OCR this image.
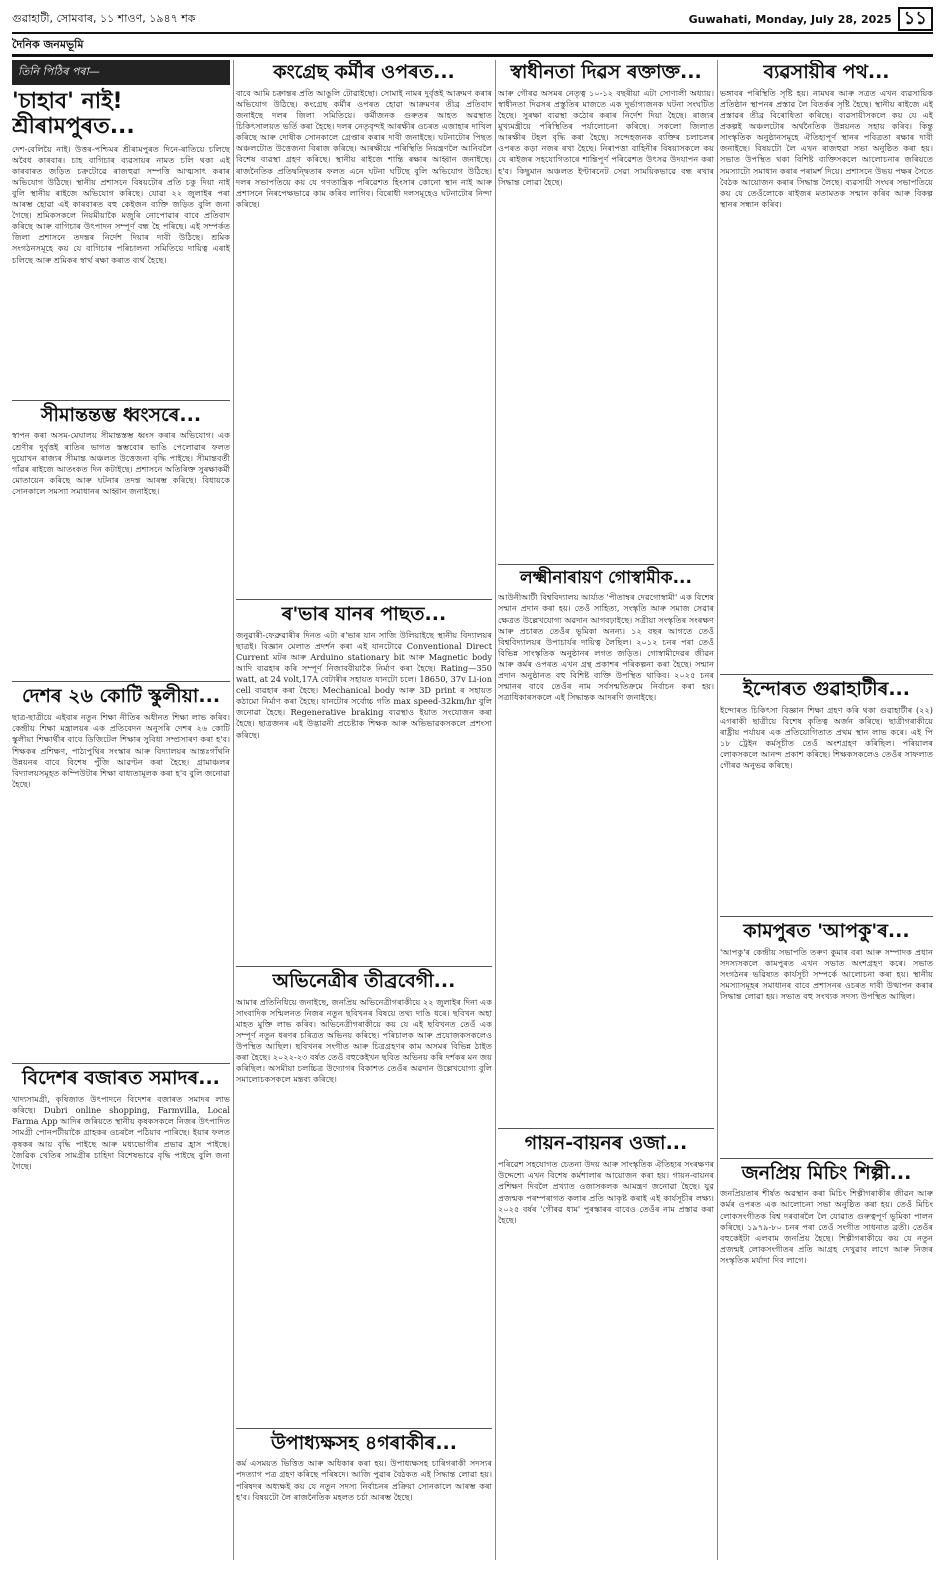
গুৱাহাটী, সোমবাৰ, ১১ শাওণ, ১৯৪৭ শক	Guwahati, Monday, July 28, 2025 ১১
দৈনিক জনমভূমি
তিনি পিঠিৰ পৰা—
'চাহাব' নাই! শ্ৰীৰামপুৰত...
দেশ-বেলিয়ৈ নাই। উত্তৰ-পশ্চিমৰ শ্ৰীৰামপুৰত দিনে-ৰাতিয়ে চলিছে অবৈধ কাৰবাৰ। চাহ বাগিচাৰ ব্যৱসায়ৰ নামত চলি থকা এই কাৰবাৰত জড়িত চক্ৰটোৱে ৰাজহুৱা সম্পত্তি আত্মসাৎ কৰাৰ অভিযোগ উঠিছে। স্থানীয় প্ৰশাসনে বিষয়টোৰ প্ৰতি চকু দিয়া নাই বুলি স্থানীয় ৰাইজে অভিযোগ কৰিছে। যোৱা ২২ জুলাইৰ পৰা আৰম্ভ হোৱা এই কাৰবাৰত বহু কেইজন ব্যক্তি জড়িত বুলি জনা গৈছে। শ্ৰমিকসকলে নিয়মীয়াকৈ মজুৰি নোপোৱাৰ বাবে প্ৰতিবাদ কৰিছে আৰু বাগিচাৰ উৎপাদন সম্পূৰ্ণ বন্ধ হৈ পৰিছে। এই সম্পৰ্কত জিলা প্ৰশাসনে তদন্তৰ নিৰ্দেশ দিয়াৰ দাবী উঠিছে। শ্ৰমিক সংগঠনসমূহে কয় যে বাগিচাৰ পৰিচালনা সমিতিয়ে দায়িত্ব এৰাই চলিছে আৰু শ্ৰমিকৰ স্বাৰ্থ ৰক্ষা কৰাত ব্যৰ্থ হৈছে।
সীমান্তন্তম্ভ ধ্বংসৰে...
স্বাপন কৰা অসম-মেঘালয় সীমান্তস্তম্ভ ধ্বংস কৰাৰ অভিযোগ। এক শ্ৰেণীৰ দুৰ্বৃত্তই ৰাতিৰ ভাগত স্তম্ভবোৰ ভাঙি পেলোৱাৰ ফলত দুয়োখন ৰাজ্যৰ সীমান্ত অঞ্চলত উত্তেজনা বৃদ্ধি পাইছে। সীমান্তবৰ্তী গাঁৱৰ ৰাইজে আতংকত দিন কটাইছে। প্ৰশাসনে অতিৰিক্ত সুৰক্ষাকৰ্মী মোতায়েন কৰিছে আৰু ঘটনাৰ তদন্ত আৰম্ভ কৰিছে। বিধায়কে সোনকালে সমস্যা সমাধানৰ আহ্বান জনাইছে।
দেশৰ ২৬ কোটি স্কুলীয়া...
ছাত্ৰ-ছাত্ৰীয়ে এইবাৰ নতুন শিক্ষা নীতিৰ অধীনত শিক্ষা লাভ কৰিব। কেন্দ্ৰীয় শিক্ষা মন্ত্ৰালয়ৰ এক প্ৰতিবেদন অনুসৰি দেশৰ ২৬ কোটি স্কুলীয়া শিক্ষাৰ্থীৰ বাবে ডিজিটেল শিক্ষাৰ সুবিধা সম্প্ৰসাৰণ কৰা হ'ব। শিক্ষকৰ প্ৰশিক্ষণ, পাঠ্যপুথিৰ সংস্কাৰ আৰু বিদ্যালয়ৰ আন্তঃগাঁথনি উন্নয়নৰ বাবে বিশেষ পুঁজি আৱণ্টন কৰা হৈছে। গ্ৰামাঞ্চলৰ বিদ্যালয়সমূহত কম্পিউটাৰ শিক্ষা বাধ্যতামূলক কৰা হ'ব বুলি জনোৱা হৈছে।
বিদেশৰ বজাৰত সমাদৰ...
খাদ্যসামগ্ৰী, কৃষিজাত উৎপাদনে বিদেশৰ বজাৰত সমাদৰ লাভ কৰিছে। Dubri online shopping, Farmvilla, Local Farma App আদিৰ জৰিয়তে স্থানীয় কৃষকসকলে নিজৰ উৎপাদিত সামগ্ৰী পোনপটীয়াকৈ গ্ৰাহকৰ ওচৰলৈ পঠিয়াব পাৰিছে। ইয়াৰ ফলত কৃষকৰ আয় বৃদ্ধি পাইছে আৰু মধ্যভোগীৰ প্ৰভাৱ হ্ৰাস পাইছে। জৈৱিক খেতিৰ সামগ্ৰীৰ চাহিদা বিশেষভাৱে বৃদ্ধি পাইছে বুলি জনা গৈছে।
কংগ্ৰেছ কৰ্মীৰ ওপৰত...
বাবে আমি চক্ৰান্তৰ প্ৰতি আঙুলি টোৱাইছো। সোমাই নামৰ দুৰ্বৃত্তই আক্ৰমণ কৰাৰ অভিযোগ উঠিছে। কংগ্ৰেছ কৰ্মীৰ ওপৰত হোৱা আক্ৰমণৰ তীব্ৰ প্ৰতিবাদ জনাইছে দলৰ জিলা সমিতিয়ে। কৰ্মীজনক গুৰুতৰ আহত অৱস্থাত চিকিৎসালয়ত ভৰ্তি কৰা হৈছে। দলৰ নেতৃবৃন্দই আৰক্ষীৰ ওচৰত এজাহাৰ দাখিল কৰিছে আৰু দোষীক সোনকালে গ্ৰেপ্তাৰ কৰাৰ দাবী জনাইছে। ঘটনাটোৰ পিছত অঞ্চলটোত উত্তেজনা বিৰাজ কৰিছে। আৰক্ষীয়ে পৰিস্থিতি নিয়ন্ত্ৰণলৈ আনিবলৈ বিশেষ ব্যৱস্থা গ্ৰহণ কৰিছে। স্থানীয় ৰাইজে শান্তি ৰক্ষাৰ আহ্বান জনাইছে। ৰাজনৈতিক প্ৰতিদ্বন্দ্বিতাৰ ফলত এনে ঘটনা ঘটিছে বুলি অভিযোগ উঠিছে। দলৰ সভাপতিয়ে কয় যে গণতান্ত্ৰিক পৰিৱেশত হিংসাৰ কোনো স্থান নাই আৰু প্ৰশাসনে নিৰপেক্ষভাৱে কাম কৰিব লাগিব। বিৰোধী দলসমূহেও ঘটনাটোৰ নিন্দা কৰিছে।
ৰ'ভাৰ যানৰ পাছত...
জনুৱাৰী-ফেব্ৰুৱাৰীৰ দিনত এটা ৰ'ভাৰ যান সাজি উলিয়াইছে স্থানীয় বিদ্যালয়ৰ ছাত্ৰই। বিজ্ঞান মেলাত প্ৰদৰ্শন কৰা এই যানটোৱে Conventional Direct Current মটৰ আৰু Arduino stationary bit আৰু Magnetic body আদি ব্যৱহাৰ কৰি সম্পূৰ্ণ নিজাববীয়াকৈ নিৰ্মাণ কৰা হৈছে। Rating—350 watt, at 24 volt,17A বেটাৰীৰ সহায়ত যানটো চলে। 18650, 37v Li-ion cell ব্যৱহাৰ কৰা হৈছে। Mechanical body আৰু 3D print ৰ সহায়ত কঠামো নিৰ্মাণ কৰা হৈছে। যানটোৰ সৰ্বোচ্চ গতি max speed-32km/hr বুলি জনোৱা হৈছে। Regenerative braking ব্যৱস্থাও ইয়াত সংযোজন কৰা হৈছে। ছাত্ৰজনৰ এই উদ্ভাৱনী প্ৰচেষ্টাক শিক্ষক আৰু অভিভাৱকসকলে প্ৰশংসা কৰিছে।
অভিনেত্ৰীৰ তীব্ৰবেগী...
আমাৰ প্ৰতিনিধিয়ে জনাইছে, জনপ্ৰিয় অভিনেত্ৰীগৰাকীয়ে ২২ জুলাইৰ দিনা এক সাংবাদিক সন্মিলনত নিজৰ নতুন ছবিখনৰ বিষয়ে তথ্য দাঙি ধৰে। ছবিখন অহা মাহত মুক্তি লাভ কৰিব। অভিনেত্ৰীগৰাকীয়ে কয় যে এই ছবিখনত তেওঁ এক সম্পূৰ্ণ নতুন ধৰণৰ চৰিত্ৰত অভিনয় কৰিছে। পৰিচালক আৰু প্ৰযোজকসকলেও উপস্থিত আছিল। ছবিখনৰ সংগীত আৰু চিত্ৰগ্ৰহণৰ কাম অসমৰ বিভিন্ন ঠাইত কৰা হৈছে। ২০২২-২৩ বৰ্ষত তেওঁ বহুকেইখন ছবিত অভিনয় কৰি দৰ্শকৰ মন জয় কৰিছিল। অসমীয়া চলচ্চিত্ৰ উদ্যোগৰ বিকাশত তেওঁৰ অৱদান উল্লেখযোগ্য বুলি সমালোচকসকলে মন্তব্য কৰিছে।
উপাধ্যক্ষসহ ৪গৰাকীৰ...
কৰ্ম এসময়ত ভিত্তিত আৰু অধিকাৰ কৰা হয়। উপাধ্যক্ষসহ চাৰিগৰাকী সদস্যৰ পদত্যাগ পত্ৰ গ্ৰহণ কৰিছে পৰিষদে। আজি পুৱাৰ বৈঠকত এই সিদ্ধান্ত লোৱা হয়। পৰিষদৰ অধ্যক্ষই কয় যে নতুন সদস্য নিৰ্বাচনৰ প্ৰক্ৰিয়া সোনকালে আৰম্ভ কৰা হ'ব। বিষয়টো লৈ ৰাজনৈতিক মহলত চৰ্চা আৰম্ভ হৈছে।
স্বাধীনতা দিৱস ৰক্তাক্ত...
আৰু গৌৰৱ অসমৰ নেতৃত্ব ১০-১২ বছৰীয়া এটা সোণালী অধ্যায়। স্বাধীনতা দিৱসৰ প্ৰস্তুতিৰ মাজতে এক দুৰ্ভাগ্যজনক ঘটনা সংঘটিত হৈছে। সুৰক্ষা ব্যৱস্থা কঠোৰ কৰাৰ নিৰ্দেশ দিয়া হৈছে। ৰাজ্যৰ মুখ্যমন্ত্ৰীয়ে পৰিস্থিতিৰ পৰ্যালোচনা কৰিছে। সকলো জিলাত আৰক্ষীৰ টহল বৃদ্ধি কৰা হৈছে। সন্দেহজনক ব্যক্তিৰ চলাচলৰ ওপৰত কড়া নজৰ ৰখা হৈছে। নিৰাপত্তা বাহিনীৰ বিষয়াসকলে কয় যে ৰাইজৰ সহযোগিতাৰে শান্তিপূৰ্ণ পৰিৱেশত উৎসৱ উদযাপন কৰা হ'ব। কিছুমান অঞ্চলত ইণ্টাৰনেট সেৱা সাময়িকভাৱে বন্ধ ৰখাৰ সিদ্ধান্ত লোৱা হৈছে।
লক্ষ্মীনাৰায়ণ গোস্বামীক...
আউনীআটী বিশ্ববিদ্যালয় আৰ্য্যত 'পীতাম্বৰ দেৱগোস্বামী' এক বিশেষ সন্মান প্ৰদান কৰা হয়। তেওঁ সাহিত্য, সংস্কৃতি আৰু সমাজ সেৱাৰ ক্ষেত্ৰত উল্লেখযোগ্য অৱদান আগবঢ়াইছে। সত্ৰীয়া সংস্কৃতিৰ সংৰক্ষণ আৰু প্ৰচাৰত তেওঁৰ ভূমিকা অনন্য। ১২ বছৰ আগতে তেওঁ বিশ্ববিদ্যালয়ৰ উপাচাৰ্যৰ দায়িত্ব লৈছিল। ২০১২ চনৰ পৰা তেওঁ বিভিন্ন সাংস্কৃতিক অনুষ্ঠানৰ লগত জড়িত। গোস্বামীদেৱৰ জীৱন আৰু কৰ্মৰ ওপৰত এখন গ্ৰন্থ প্ৰকাশৰ পৰিকল্পনা কৰা হৈছে। সন্মান প্ৰদান অনুষ্ঠানত বহু বিশিষ্ট ব্যক্তি উপস্থিত থাকিব। ২০২৫ চনৰ সন্মানৰ বাবে তেওঁৰ নাম সৰ্বসন্মতিক্ৰমে নিৰ্বাচন কৰা হয়। সত্ৰাধিকাৰসকলে এই সিদ্ধান্তক আদৰণি জনাইছে।
গায়ন-বায়নৰ ওজা...
পৰিৱেশ সহযোগত চেতনা উদয় আৰু সাংস্কৃতিক ঐতিহ্যৰ সংৰক্ষণৰ উদ্দেশ্যে এখন বিশেষ কৰ্মশালাৰ আয়োজন কৰা হয়। গায়ন-বায়নৰ প্ৰশিক্ষণ দিবলৈ প্ৰখ্যাত ওজাসকলক আমন্ত্ৰণ জনোৱা হৈছে। যুৱ প্ৰজন্মক পৰম্পৰাগত কলাৰ প্ৰতি আকৃষ্ট কৰাই এই কাৰ্যসূচীৰ লক্ষ্য। ২০২৫ বৰ্ষৰ 'গৌৰৱ ধাম' পুৰস্কাৰৰ বাবেও তেওঁৰ নাম প্ৰস্তাৱ কৰা হৈছে।
ব্যৱসায়ীৰ পথ...
ভঙ্গাবৰ পৰিস্থিতি সৃষ্টি হয়। নামঘৰ আৰু সত্ৰত এখন ব্যৱসায়িক প্ৰতিষ্ঠান স্থাপনৰ প্ৰস্তাৱ লৈ বিতৰ্কৰ সৃষ্টি হৈছে। স্থানীয় ৰাইজে এই প্ৰস্তাৱৰ তীব্ৰ বিৰোধিতা কৰিছে। ব্যৱসায়ীসকলে কয় যে এই প্ৰকল্পই অঞ্চলটোৰ অৰ্থনৈতিক উন্নয়নত সহায় কৰিব। কিন্তু সাংস্কৃতিক অনুষ্ঠানসমূহে ঐতিহ্যপূৰ্ণ স্থানৰ পবিত্ৰতা ৰক্ষাৰ দাবী জনাইছে। বিষয়টো লৈ এখন ৰাজহুৱা সভা অনুষ্ঠিত কৰা হয়। সভাত উপস্থিত থকা বিশিষ্ট ব্যক্তিসকলে আলোচনাৰ জৰিয়তে সমস্যাটো সমাধান কৰাৰ পৰামৰ্শ দিয়ে। প্ৰশাসনে উভয় পক্ষৰ সৈতে বৈঠক আয়োজন কৰাৰ সিদ্ধান্ত লৈছে। ব্যৱসায়ী সংঘৰ সভাপতিয়ে কয় যে তেওঁলোকে ৰাইজৰ মতামতক সন্মান কৰিব আৰু বিকল্প স্থানৰ সন্ধান কৰিব।
ইন্দোৰত গুৱাহাটীৰ...
ইন্দোৰত চিকিৎসা বিজ্ঞান শিক্ষা গ্ৰহণ কৰি থকা গুৱাহাটীৰ (২২) এগৰাকী ছাত্ৰীয়ে বিশেষ কৃতিত্ব অৰ্জন কৰিছে। ছাত্ৰীগৰাকীয়ে ৰাষ্ট্ৰীয় পৰ্যায়ৰ এক প্ৰতিযোগিতাত প্ৰথম স্থান লাভ কৰে। এই পি ১৮ ট্ৰেইন কৰ্মসূচীত তেওঁ অংশগ্ৰহণ কৰিছিল। পৰিয়ালৰ লোকসকলে আনন্দ প্ৰকাশ কৰিছে। শিক্ষকসকলেও তেওঁৰ সাফল্যত গৌৰৱ অনুভৱ কৰিছে।
কামপুৰত 'আপকু'ৰ...
'আপকু'ৰ কেন্দ্ৰীয় সভাপতি তৰুণ কুমাৰ বৰা আৰু সম্পাদক প্ৰধান সদস্যসকলে কামপুৰত এখন সভাত অংশগ্ৰহণ কৰে। সভাত সংগঠনৰ ভৱিষ্যত কাৰ্যসূচী সম্পৰ্কে আলোচনা কৰা হয়। স্থানীয় সমস্যাসমূহৰ সমাধানৰ বাবে প্ৰশাসনৰ ওচৰত দাবী উত্থাপন কৰাৰ সিদ্ধান্ত লোৱা হয়। সভাত বহু সংখ্যক সদস্য উপস্থিত আছিল।
জনপ্ৰিয় মিচিং শিল্পী...
জনপ্ৰিয়তাৰ শীৰ্ষত অৱস্থান কৰা মিচিং শিল্পীগৰাকীৰ জীৱন আৰু কৰ্মৰ ওপৰত এক আলোচনা সভা অনুষ্ঠিত কৰা হয়। তেওঁ মিচিং লোকসংগীতক বিশ্ব দৰবাৰলৈ লৈ যোৱাত গুৰুত্বপূৰ্ণ ভূমিকা পালন কৰিছে। ১৯৭৯-৮০ চনৰ পৰা তেওঁ সংগীত সাধনাত ব্ৰতী। তেওঁৰ বহুকেইটা এলবাম জনপ্ৰিয় হৈছে। শিল্পীগৰাকীয়ে কয় যে নতুন প্ৰজন্মই লোকসংগীতৰ প্ৰতি আগ্ৰহ দেখুৱাব লাগে আৰু নিজৰ সংস্কৃতিক মৰ্যাদা দিব লাগে।
